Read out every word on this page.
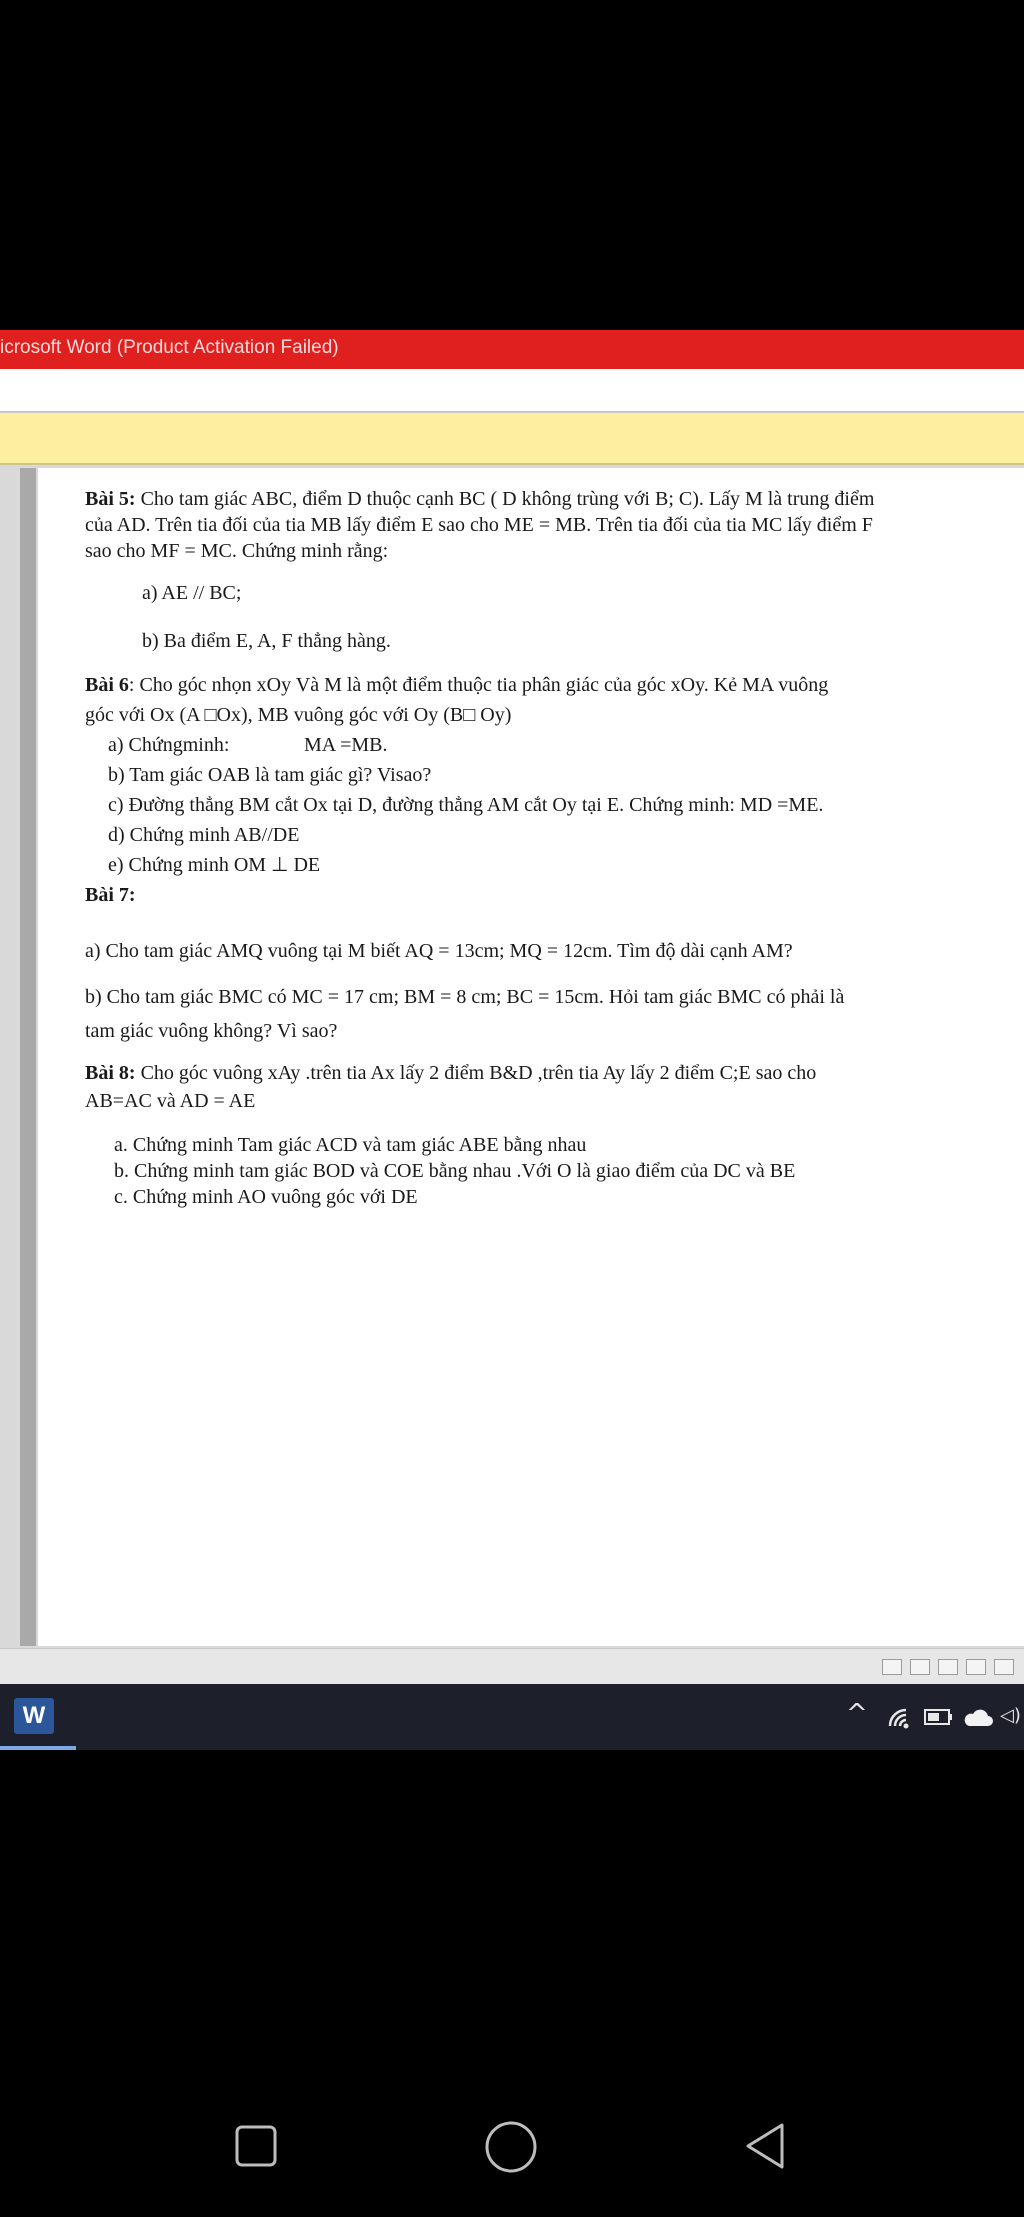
icrosoft Word (Product Activation Failed)
Bài 5: Cho tam giác ABC, điểm D thuộc cạnh BC ( D không trùng với B; C). Lấy M là trung điểm
của AD. Trên tia đối của tia MB lấy điểm E sao cho ME = MB. Trên tia đối của tia MC lấy điểm F
sao cho MF = MC. Chứng minh rằng:
a) AE // BC;
b) Ba điểm E, A, F thẳng hàng.
Bài 6: Cho góc nhọn xOy Và M là một điểm thuộc tia phân giác của góc xOy. Kẻ MA vuông
góc với Ox (A □Ox), MB vuông góc với Oy (B□ Oy)
a) Chứngminh:	MA =MB.
b) Tam giác OAB là tam giác gì? Visao?
c) Đường thẳng BM cắt Ox tại D, đường thẳng AM cắt Oy tại E. Chứng minh: MD =ME.
d) Chứng minh AB//DE
e) Chứng minh OM ⊥ DE
Bài 7:
a) Cho tam giác AMQ vuông tại M biết AQ = 13cm; MQ = 12cm. Tìm độ dài cạnh AM?
b) Cho tam giác BMC có MC = 17 cm; BM = 8 cm; BC = 15cm. Hỏi tam giác BMC có phải là
tam giác vuông không? Vì sao?
Bài 8: Cho góc vuông xAy .trên tia Ax lấy 2 điểm B&D ,trên tia Ay lấy 2 điểm C;E sao cho
AB=AC và AD = AE
a. Chứng minh Tam giác ACD và tam giác ABE bằng nhau
b. Chứng minh tam giác BOD và COE bằng nhau .Với O là giao điểm của DC và BE
c. Chứng minh AO vuông góc với DE
W	^	◁)
